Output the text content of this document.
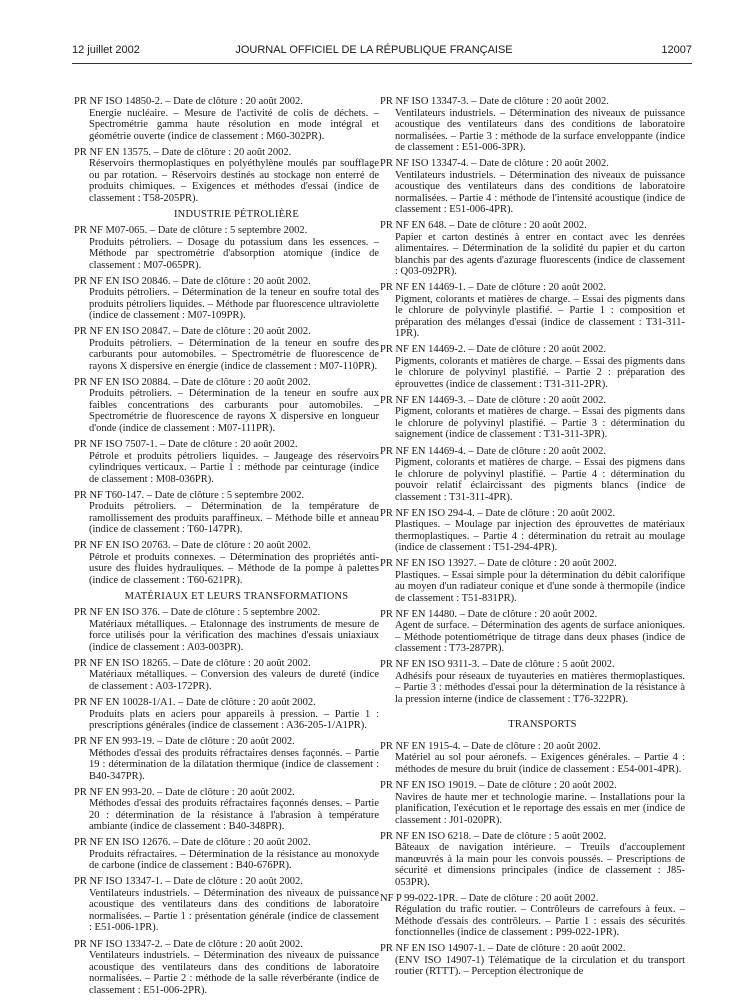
12 juillet 2002	JOURNAL OFFICIEL DE LA RÉPUBLIQUE FRANÇAISE	12007
PR NF ISO 14850-2. – Date de clôture : 20 août 2002.
Energie nucléaire. – Mesure de l'activité de colis de déchets. – Spectrométrie gamma haute résolution en mode intégral et géométrie ouverte (indice de classement : M60-302PR).
PR NF EN 13575. – Date de clôture : 20 août 2002.
Réservoirs thermoplastiques en polyéthylène moulés par soufflage ou par rotation. – Réservoirs destinés au stockage non enterré de produits chimiques. – Exigences et méthodes d'essai (indice de classement : T58-205PR).
INDUSTRIE PÉTROLIÈRE
PR NF M07-065. – Date de clôture : 5 septembre 2002.
Produits pétroliers. – Dosage du potassium dans les essences. – Méthode par spectrométrie d'absorption atomique (indice de classement : M07-065PR).
PR NF EN ISO 20846. – Date de clôture : 20 août 2002.
Produits pétroliers. – Détermination de la teneur en soufre total des produits pétroliers liquides. – Méthode par fluorescence ultraviolette (indice de classement : M07-109PR).
PR NF EN ISO 20847. – Date de clôture : 20 août 2002.
Produits pétroliers. – Détermination de la teneur en soufre des carburants pour automobiles. – Spectrométrie de fluorescence de rayons X dispersive en énergie (indice de classement : M07-110PR).
PR NF EN ISO 20884. – Date de clôture : 20 août 2002.
Produits pétroliers. – Détermination de la teneur en soufre aux faibles concentrations des carburants pour automobiles. – Spectrométrie de fluorescence de rayons X dispersive en longueur d'onde (indice de classement : M07-111PR).
PR NF ISO 7507-1. – Date de clôture : 20 août 2002.
Pétrole et produits pétroliers liquides. – Jaugeage des réservoirs cylindriques verticaux. – Partie 1 : méthode par ceinturage (indice de classement : M08-036PR).
PR NF T60-147. – Date de clôture : 5 septembre 2002.
Produits pétroliers. – Détermination de la température de ramollissement des produits paraffineux. – Méthode bille et anneau (indice de classement : T60-147PR).
PR NF EN ISO 20763. – Date de clôture : 20 août 2002.
Pétrole et produits connexes. – Détermination des propriétés anti-usure des fluides hydrauliques. – Méthode de la pompe à palettes (indice de classement : T60-621PR).
MATÉRIAUX ET LEURS TRANSFORMATIONS
PR NF EN ISO 376. – Date de clôture : 5 septembre 2002.
Matériaux métalliques. – Etalonnage des instruments de mesure de force utilisés pour la vérification des machines d'essais uniaxiaux (indice de classement : A03-003PR).
PR NF EN ISO 18265. – Date de clôture : 20 août 2002.
Matériaux métalliques. – Conversion des valeurs de dureté (indice de classement : A03-172PR).
PR NF EN 10028-1/A1. – Date de clôture : 20 août 2002.
Produits plats en aciers pour appareils à pression. – Partie 1 : prescriptions générales (indice de classement : A36-205-1/A1PR).
PR NF EN 993-19. – Date de clôture : 20 août 2002.
Méthodes d'essai des produits réfractaires denses façonnés. – Partie 19 : détermination de la dilatation thermique (indice de classement : B40-347PR).
PR NF EN 993-20. – Date de clôture : 20 août 2002.
Méthodes d'essai des produits réfractaires façonnés denses. – Partie 20 : détermination de la résistance à l'abrasion à température ambiante (indice de classement : B40-348PR).
PR NF EN ISO 12676. – Date de clôture : 20 août 2002.
Produits réfractaires. – Détermination de la résistance au monoxyde de carbone (indice de classement : B40-676PR).
PR NF ISO 13347-1. – Date de clôture : 20 août 2002.
Ventilateurs industriels. – Détermination des niveaux de puissance acoustique des ventilateurs dans des conditions de laboratoire normalisées. – Partie 1 : présentation générale (indice de classement : E51-006-1PR).
PR NF ISO 13347-2. – Date de clôture : 20 août 2002.
Ventilateurs industriels. – Détermination des niveaux de puissance acoustique des ventilateurs dans des conditions de laboratoire normalisées. – Partie 2 : méthode de la salle réverbérante (indice de classement : E51-006-2PR).
PR NF ISO 13347-3. – Date de clôture : 20 août 2002.
Ventilateurs industriels. – Détermination des niveaux de puissance acoustique des ventilateurs dans des conditions de laboratoire normalisées. – Partie 3 : méthode de la surface enveloppante (indice de classement : E51-006-3PR).
PR NF ISO 13347-4. – Date de clôture : 20 août 2002.
Ventilateurs industriels. – Détermination des niveaux de puissance acoustique des ventilateurs dans des conditions de laboratoire normalisées. – Partie 4 : méthode de l'intensité acoustique (indice de classement : E51-006-4PR).
PR NF EN 648. – Date de clôture : 20 août 2002.
Papier et carton destinés à entrer en contact avec les denrées alimentaires. – Détermination de la solidité du papier et du carton blanchis par des agents d'azurage fluorescents (indice de classement : Q03-092PR).
PR NF EN 14469-1. – Date de clôture : 20 août 2002.
Pigment, colorants et matières de charge. – Essai des pigments dans le chlorure de polyvinyle plastifié. – Partie 1 : composition et préparation des mélanges d'essai (indice de classement : T31-311-1PR).
PR NF EN 14469-2. – Date de clôture : 20 août 2002.
Pigments, colorants et matières de charge. – Essai des pigments dans le chlorure de polyvinyl plastifié. – Partie 2 : préparation des éprouvettes (indice de classement : T31-311-2PR).
PR NF EN 14469-3. – Date de clôture : 20 août 2002.
Pigment, colorants et matières de charge. – Essai des pigments dans le chlorure de polyvinyl plastifié. – Partie 3 : détermination du saignement (indice de classement : T31-311-3PR).
PR NF EN 14469-4. – Date de clôture : 20 août 2002.
Pigment, colorants et matières de charge. – Essai des pigmens dans le chlorure de polyvinyl plastifié. – Partie 4 : détermination du pouvoir relatif éclaircissant des pigments blancs (indice de classement : T31-311-4PR).
PR NF EN ISO 294-4. – Date de clôture : 20 août 2002.
Plastiques. – Moulage par injection des éprouvettes de matériaux thermoplastiques. – Partie 4 : détermination du retrait au moulage (indice de classement : T51-294-4PR).
PR NF EN ISO 13927. – Date de clôture : 20 août 2002.
Plastiques. – Essai simple pour la détermination du débit calorifique au moyen d'un radiateur conique et d'une sonde à thermopile (indice de classement : T51-831PR).
PR NF EN 14480. – Date de clôture : 20 août 2002.
Agent de surface. – Détermination des agents de surface anioniques. – Méthode potentiométrique de titrage dans deux phases (indice de classement : T73-287PR).
PR NF EN ISO 9311-3. – Date de clôture : 5 août 2002.
Adhésifs pour réseaux de tuyauteries en matières thermoplastiques. – Partie 3 : méthodes d'essai pour la détermination de la résistance à la pression interne (indice de classement : T76-322PR).
TRANSPORTS
PR NF EN 1915-4. – Date de clôture : 20 août 2002.
Matériel au sol pour aéronefs. – Exigences générales. – Partie 4 : méthodes de mesure du bruit (indice de classement : E54-001-4PR).
PR NF EN ISO 19019. – Date de clôture : 20 août 2002.
Navires de haute mer et technologie marine. – Installations pour la planification, l'exécution et le reportage des essais en mer (indice de classement : J01-020PR).
PR NF EN ISO 6218. – Date de clôture : 5 août 2002.
Bâteaux de navigation intérieure. – Treuils d'accouplement manœuvrés à la main pour les convois poussés. – Prescriptions de sécurité et dimensions principales (indice de classement : J85-053PR).
NF P 99-022-1PR. – Date de clôture : 20 août 2002.
Régulation du trafic routier. – Contrôleurs de carrefours à feux. – Méthode d'essais des contrôleurs. – Partie 1 : essais des sécurités fonctionnelles (indice de classement : P99-022-1PR).
PR NF EN ISO 14907-1. – Date de clôture : 20 août 2002.
(ENV ISO 14907-1) Télématique de la circulation et du transport routier (RTTT). – Perception électronique de
